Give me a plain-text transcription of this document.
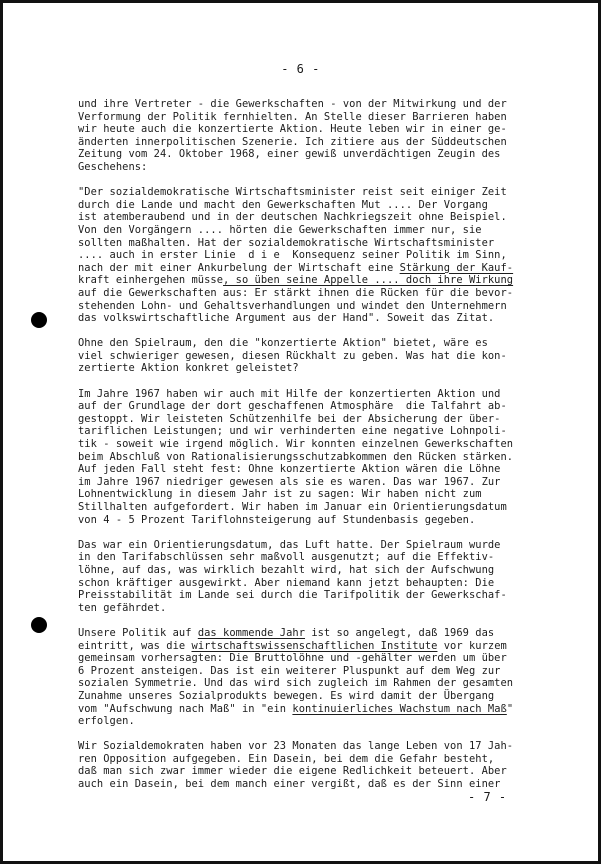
- 6 -
und ihre Vertreter - die Gewerkschaften - von der Mitwirkung und der
Verformung der Politik fernhielten. An Stelle dieser Barrieren haben
wir heute auch die konzertierte Aktion. Heute leben wir in einer ge-
änderten innerpolitischen Szenerie. Ich zitiere aus der Süddeutschen
Zeitung vom 24. Oktober 1968, einer gewiß unverdächtigen Zeugin des
Geschehens:
"Der sozialdemokratische Wirtschaftsminister reist seit einiger Zeit
durch die Lande und macht den Gewerkschaften Mut .... Der Vorgang
ist atemberaubend und in der deutschen Nachkriegszeit ohne Beispiel.
Von den Vorgängern .... hörten die Gewerkschaften immer nur, sie
sollten maßhalten. Hat der sozialdemokratische Wirtschaftsminister
.... auch in erster Linie  d i e  Konsequenz seiner Politik im Sinn,
nach der mit einer Ankurbelung der Wirtschaft eine Stärkung der Kauf-
kraft einhergehen müsse, so üben seine Appelle .... doch ihre Wirkung
auf die Gewerkschaften aus: Er stärkt ihnen die Rücken für die bevor-
stehenden Lohn- und Gehaltsverhandlungen und windet den Unternehmern
das volkswirtschaftliche Argument aus der Hand". Soweit das Zitat.
Ohne den Spielraum, den die "konzertierte Aktion" bietet, wäre es
viel schwieriger gewesen, diesen Rückhalt zu geben. Was hat die kon-
zertierte Aktion konkret geleistet?
Im Jahre 1967 haben wir auch mit Hilfe der konzertierten Aktion und
auf der Grundlage der dort geschaffenen Atmosphäre  die Talfahrt ab-
gestoppt. Wir leisteten Schützenhilfe bei der Absicherung der über-
tariflichen Leistungen; und wir verhinderten eine negative Lohnpoli-
tik - soweit wie irgend möglich. Wir konnten einzelnen Gewerkschaften
beim Abschluß von Rationalisierungsschutzabkommen den Rücken stärken.
Auf jeden Fall steht fest: Ohne konzertierte Aktion wären die Löhne
im Jahre 1967 niedriger gewesen als sie es waren. Das war 1967. Zur
Lohnentwicklung in diesem Jahr ist zu sagen: Wir haben nicht zum
Stillhalten aufgefordert. Wir haben im Januar ein Orientierungsdatum
von 4 - 5 Prozent Tariflohnsteigerung auf Stundenbasis gegeben.
Das war ein Orientierungsdatum, das Luft hatte. Der Spielraum wurde
in den Tarifabschlüssen sehr maßvoll ausgenutzt; auf die Effektiv-
löhne, auf das, was wirklich bezahlt wird, hat sich der Aufschwung
schon kräftiger ausgewirkt. Aber niemand kann jetzt behaupten: Die
Preisstabilität im Lande sei durch die Tarifpolitik der Gewerkschaf-
ten gefährdet.
Unsere Politik auf das kommende Jahr ist so angelegt, daß 1969 das
eintritt, was die wirtschaftswissenschaftlichen Institute vor kurzem
gemeinsam vorhersagten: Die Bruttolöhne und -gehälter werden um über
6 Prozent ansteigen. Das ist ein weiterer Pluspunkt auf dem Weg zur
sozialen Symmetrie. Und das wird sich zugleich im Rahmen der gesamten
Zunahme unseres Sozialprodukts bewegen. Es wird damit der Übergang
vom "Aufschwung nach Maß" in "ein kontinuierliches Wachstum nach Maß"
erfolgen.
Wir Sozialdemokraten haben vor 23 Monaten das lange Leben von 17 Jah-
ren Opposition aufgegeben. Ein Dasein, bei dem die Gefahr besteht,
daß man sich zwar immer wieder die eigene Redlichkeit beteuert. Aber
auch ein Dasein, bei dem manch einer vergißt, daß es der Sinn einer
- 7 -
